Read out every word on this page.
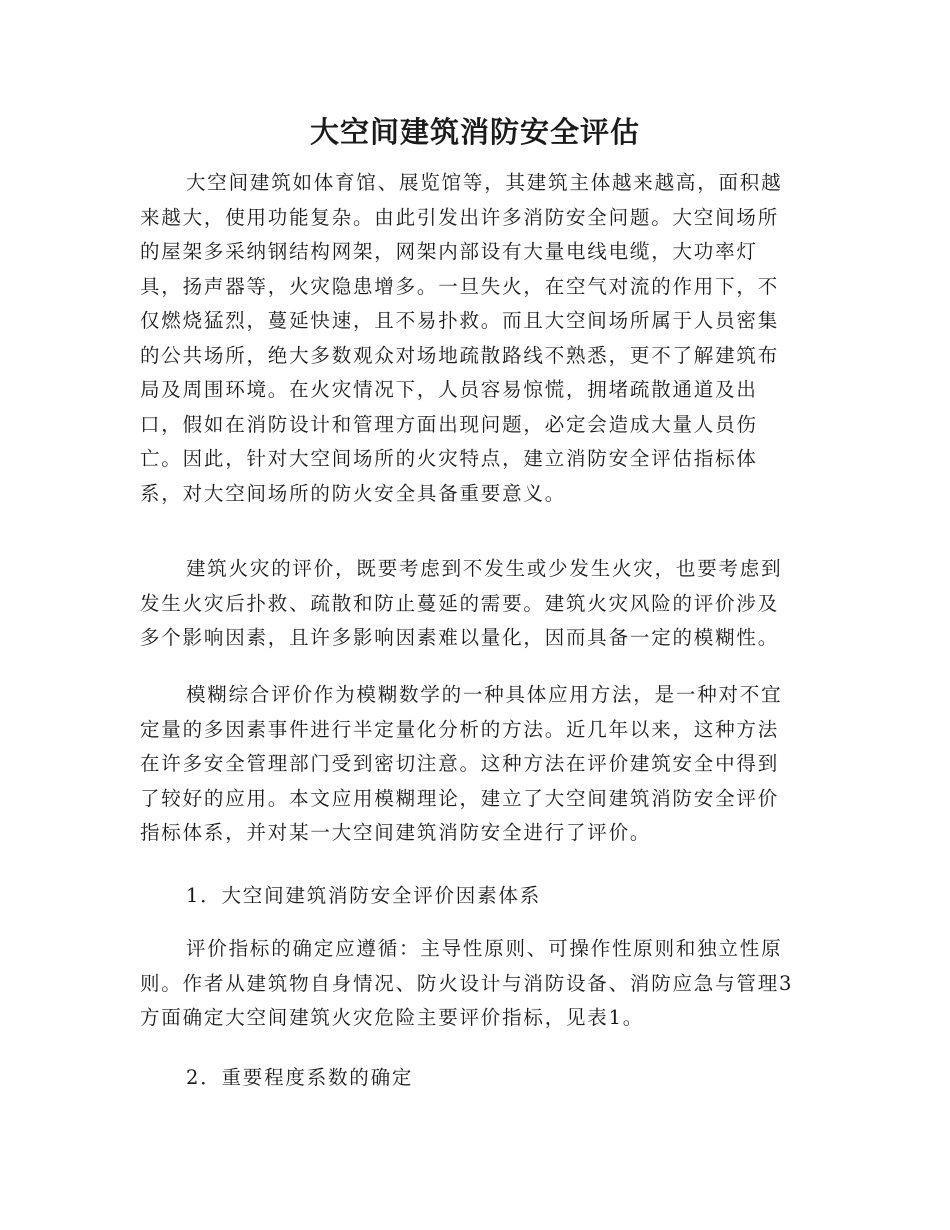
大空间建筑消防安全评估
大空间建筑如体育馆、展览馆等，其建筑主体越来越高，面积越
来越大，使用功能复杂。由此引发出许多消防安全问题。大空间场所
的屋架多采纳钢结构网架，网架内部设有大量电线电缆，大功率灯
具，扬声器等，火灾隐患增多。一旦失火，在空气对流的作用下，不
仅燃烧猛烈，蔓延快速，且不易扑救。而且大空间场所属于人员密集
的公共场所，绝大多数观众对场地疏散路线不熟悉，更不了解建筑布
局及周围环境。在火灾情况下，人员容易惊慌，拥堵疏散通道及出
口，假如在消防设计和管理方面出现问题，必定会造成大量人员伤
亡。因此，针对大空间场所的火灾特点，建立消防安全评估指标体
系，对大空间场所的防火安全具备重要意义。
建筑火灾的评价，既要考虑到不发生或少发生火灾，也要考虑到
发生火灾后扑救、疏散和防止蔓延的需要。建筑火灾风险的评价涉及
多个影响因素，且许多影响因素难以量化，因而具备一定的模糊性。
模糊综合评价作为模糊数学的一种具体应用方法，是一种对不宜
定量的多因素事件进行半定量化分析的方法。近几年以来，这种方法
在许多安全管理部门受到密切注意。这种方法在评价建筑安全中得到
了较好的应用。本文应用模糊理论，建立了大空间建筑消防安全评价
指标体系，并对某一大空间建筑消防安全进行了评价。
1．大空间建筑消防安全评价因素体系
评价指标的确定应遵循：主导性原则、可操作性原则和独立性原
则。作者从建筑物自身情况、防火设计与消防设备、消防应急与管理3
方面确定大空间建筑火灾危险主要评价指标，见表1。
2．重要程度系数的确定
